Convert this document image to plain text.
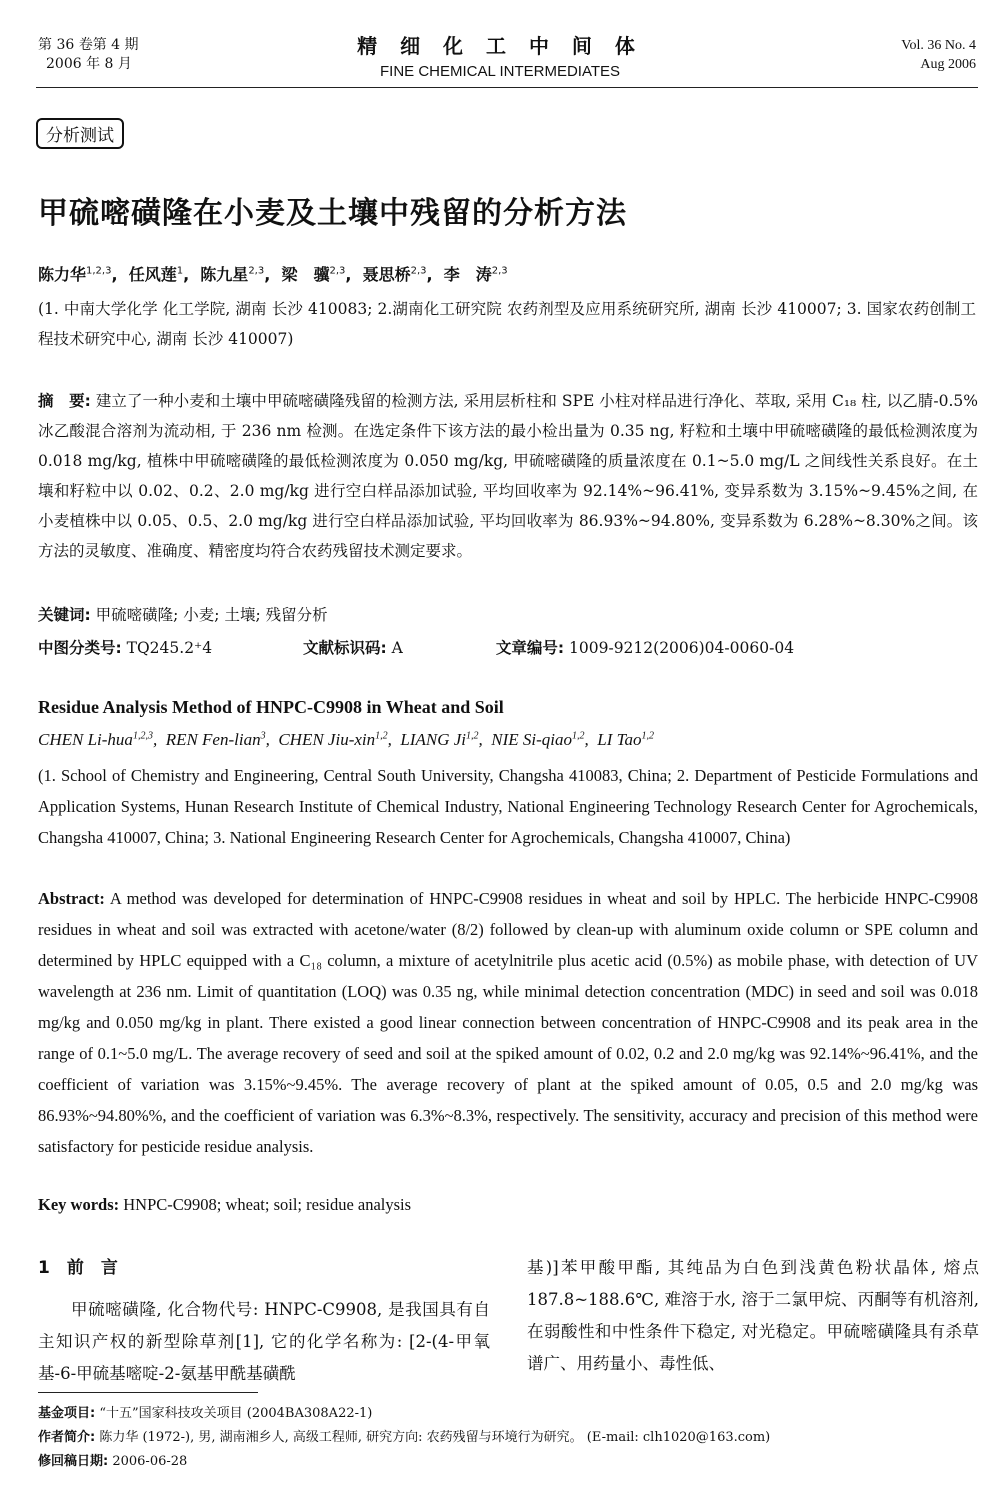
第 36 卷第 4 期
2006 年 8 月
精 细 化 工 中 间 体
FINE CHEMICAL INTERMEDIATES
Vol. 36 No. 4
Aug 2006
分析测试
甲硫嘧磺隆在小麦及土壤中残留的分析方法
陈力华$^{1,2,3}$,  任风莲$^1$,  陈九星$^{2,3}$,  梁　骥$^{2,3}$,  聂思桥$^{2,3}$,  李　涛$^{2,3}$
(1. 中南大学化学 化工学院, 湖南 长沙 410083; 2.湖南化工研究院 农药剂型及应用系统研究所, 湖南 长沙 410007; 3. 国家农药创制工程技术研究中心, 湖南 长沙 410007)
摘　要: 建立了一种小麦和土壤中甲硫嘧磺隆残留的检测方法, 采用层析柱和 SPE 小柱对样品进行净化、萃取, 采用 C₁₈ 柱, 以乙腈-0.5%冰乙酸混合溶剂为流动相, 于 236 nm 检测。在选定条件下该方法的最小检出量为 0.35 ng, 籽粒和土壤中甲硫嘧磺隆的最低检测浓度为 0.018 mg/kg, 植株中甲硫嘧磺隆的最低检测浓度为 0.050 mg/kg, 甲硫嘧磺隆的质量浓度在 0.1~5.0 mg/L 之间线性关系良好。在土壤和籽粒中以 0.02、0.2、2.0 mg/kg 进行空白样品添加试验, 平均回收率为 92.14%~96.41%, 变异系数为 3.15%~9.45%之间, 在小麦植株中以 0.05、0.5、2.0 mg/kg 进行空白样品添加试验, 平均回收率为 86.93%~94.80%, 变异系数为 6.28%~8.30%之间。该方法的灵敏度、准确度、精密度均符合农药残留技术测定要求。
关键词: 甲硫嘧磺隆; 小麦; 土壤; 残留分析
中图分类号: TQ245.2⁺4	文献标识码: A	文章编号: 1009-9212(2006)04-0060-04
Residue Analysis Method of HNPC-C9908 in Wheat and Soil
CHEN Li-hua$^{1,2,3}$,  REN Fen-lian$^3$,  CHEN Jiu-xin$^{1,2}$,  LIANG Ji$^{1,2}$,  NIE Si-qiao$^{1,2}$,  LI Tao$^{1,2}$
(1. School of Chemistry and Engineering, Central South University, Changsha 410083, China; 2. Department of Pesticide Formulations and Application Systems, Hunan Research Institute of Chemical Industry, National Engineering Technology Research Center for Agrochemicals, Changsha 410007, China; 3. National Engineering Research Center for Agrochemicals, Changsha 410007, China)
Abstract: A method was developed for determination of HNPC-C9908 residues in wheat and soil by HPLC. The herbicide HNPC-C9908 residues in wheat and soil was extracted with acetone/water (8/2) followed by clean-up with aluminum oxide column or SPE column and determined by HPLC equipped with a C₁₈ column, a mixture of acetylnitrile plus acetic acid (0.5%) as mobile phase, with detection of UV wavelength at 236 nm. Limit of quantitation (LOQ) was 0.35 ng, while minimal detection concentration (MDC) in seed and soil was 0.018 mg/kg and 0.050 mg/kg in plant. There existed a good linear connection between concentration of HNPC-C9908 and its peak area in the range of 0.1~5.0 mg/L. The average recovery of seed and soil at the spiked amount of 0.02, 0.2 and 2.0 mg/kg was 92.14%~96.41%, and the coefficient of variation was 3.15%~9.45%. The average recovery of plant at the spiked amount of 0.05, 0.5 and 2.0 mg/kg was 86.93%~94.80%%, and the coefficient of variation was 6.3%~8.3%, respectively. The sensitivity, accuracy and precision of this method were satisfactory for pesticide residue analysis.
Key words: HNPC-C9908; wheat; soil; residue analysis
1　前　言
甲硫嘧磺隆, 化合物代号: HNPC-C9908, 是我国具有自主知识产权的新型除草剂[1], 它的化学名称为: [2-(4-甲氧基-6-甲硫基嘧啶-2-氨基甲酰基磺酰
基)]苯甲酸甲酯, 其纯品为白色到浅黄色粉状晶体, 熔点 187.8~188.6℃, 难溶于水, 溶于二氯甲烷、丙酮等有机溶剂, 在弱酸性和中性条件下稳定, 对光稳定。甲硫嘧磺隆具有杀草谱广、用药量小、毒性低、
基金项目: “十五”国家科技攻关项目 (2004BA308A22-1)
作者简介: 陈力华 (1972-), 男, 湖南湘乡人, 高级工程师, 研究方向: 农药残留与环境行为研究。 (E-mail: clh1020@163.com)
修回稿日期: 2006-06-28
